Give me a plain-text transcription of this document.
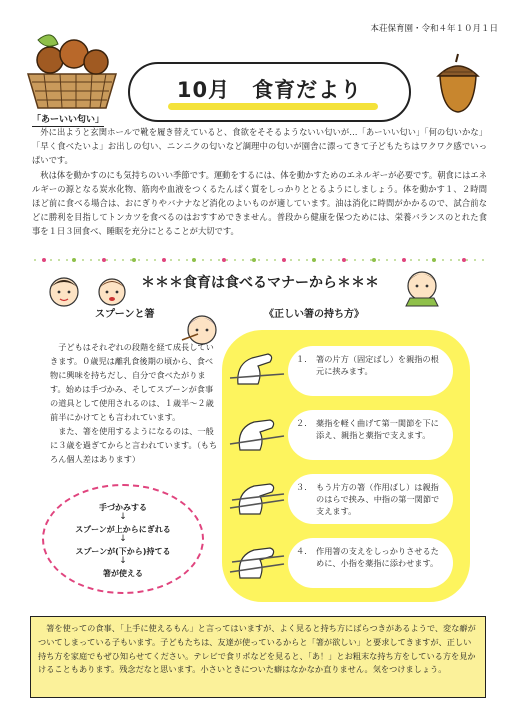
本荘保育園・令和４年１０月１日
10月　食育だより
「あーいい匂い」

外に出ようと玄関ホールで靴を履き替えていると、食欲をそそるようないい匂いが…「あーいい匂い」「何の匂いかな」「早く食べたいよ」お出しの匂い、ニンニクの匂いなど調理中の匂いが園舎に漂ってきて子どもたちはワクワク感でいっぱいです。

秋は体を動かすのにも気持ちのいい季節です。運動をするには、体を動かすためのエネルギーが必要です。朝食にはエネルギーの源となる炭水化物、筋肉や血液をつくるたんぱく質をしっかりととるようにしましょう。体を動かす１、２時間ほど前に食べる場合は、おにぎりやバナナなど消化のよいものが適しています。油は消化に時間がかかるので、試合前などに勝利を目指してトンカツを食べるのはおすすめできません。普段から健康を保つためには、栄養バランスのとれた食事を１日３回食べ、睡眠を充分にとることが大切です。

＊＊＊食育は食べるマナーから＊＊＊
スプーンと箸	《正しい箸の持ち方》

子どもはそれぞれの段階を経て成長していきます。０歳児は離乳食後期の頃から、食べ物に興味を持ちだし、自分で食べたがります。始めは手づかみ、そしてスプーンが食事の道具として使用されるのは、１歳半～２歳前半にかけてとも言われています。

また、箸を使用するようになるのは、一般に３歳を過ぎてからと言われています。（もちろん個人差はあります）

手づかみする
↓
スプーンが上からにぎれる
↓
スプーンが(下から)持てる
↓
箸が使える
１. 箸の片方（固定ばし）を親指の根元に挟みます。
２. 薬指を軽く曲げて第一関節を下に添え、親指と薬指で支えます。
３. もう片方の箸（作用ばし）は親指のはらで挟み、中指の第一関節で支えます。
４. 作用箸の支えをしっかりさせるために、小指を薬指に添わせます。
箸を使っての食事、「上手に使えるもん」と言ってはいますが、よく見ると持ち方にばらつきがあるようで、変な癖がついてしまっている子もいます。子どもたちは、友達が使っているからと「箸が欲しい」と要求してきますが、正しい持ち方を家庭でもぜひ知らせてください。テレビで食リポなどを見ると、「あ！」とお粗末な持ち方をしている方を見かけることもあります。残念だなと思います。小さいときについた癖はなかなか直りません。気をつけましょう。
